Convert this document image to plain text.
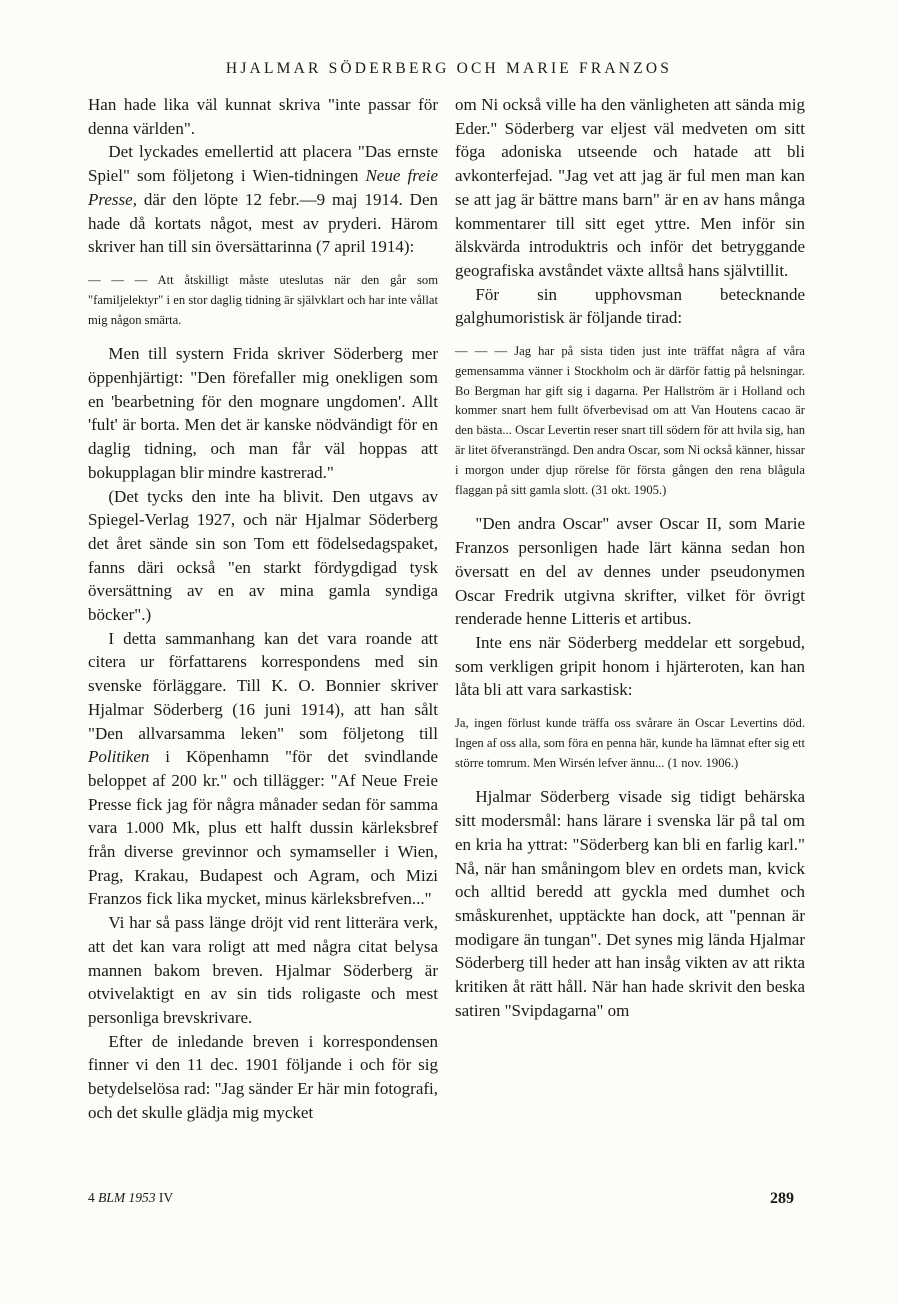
HJALMAR SÖDERBERG OCH MARIE FRANZOS

Han hade lika väl kunnat skriva "inte passar för denna världen".

Det lyckades emellertid att placera "Das ernste Spiel" som följetong i Wien-tidningen Neue freie Presse, där den löpte 12 febr.—9 maj 1914. Den hade då kortats något, mest av pryderi. Härom skriver han till sin översättarinna (7 april 1914):

— — — Att åtskilligt måste uteslutas när den går som "familjelektyr" i en stor daglig tidning är självklart och har inte vållat mig någon smärta.

Men till systern Frida skriver Söderberg mer öppenhjärtigt: "Den förefaller mig onekligen som en 'bearbetning för den mognare ungdomen'. Allt 'fult' är borta. Men det är kanske nödvändigt för en daglig tidning, och man får väl hoppas att bokupplagan blir mindre kastrerad."

(Det tycks den inte ha blivit. Den utgavs av Spiegel-Verlag 1927, och när Hjalmar Söderberg det året sände sin son Tom ett födelsedagspaket, fanns däri också "en starkt fördygdigad tysk översättning av en av mina gamla syndiga böcker".)

I detta sammanhang kan det vara roande att citera ur författarens korrespondens med sin svenske förläggare. Till K. O. Bonnier skriver Hjalmar Söderberg (16 juni 1914), att han sålt "Den allvarsamma leken" som följetong till Politiken i Köpenhamn "för det svindlande beloppet af 200 kr." och tillägger: "Af Neue Freie Presse fick jag för några månader sedan för samma vara 1.000 Mk, plus ett halft dussin kärleksbref från diverse grevinnor och symamseller i Wien, Prag, Krakau, Budapest och Agram, och Mizi Franzos fick lika mycket, minus kärleksbrefven..."

Vi har så pass länge dröjt vid rent litterära verk, att det kan vara roligt att med några citat belysa mannen bakom breven. Hjalmar Söderberg är otvivelaktigt en av sin tids roligaste och mest personliga brevskrivare.

Efter de inledande breven i korrespondensen finner vi den 11 dec. 1901 följande i och för sig betydelselösa rad: "Jag sänder Er här min fotografi, och det skulle glädja mig mycket

om Ni också ville ha den vänligheten att sända mig Eder." Söderberg var eljest väl medveten om sitt föga adoniska utseende och hatade att bli avkonterfejad. "Jag vet att jag är ful men man kan se att jag är bättre mans barn" är en av hans många kommentarer till sitt eget yttre. Men inför sin älskvärda introduktris och inför det betryggande geografiska avståndet växte alltså hans självtillit.

För sin upphovsman betecknande galghumoristisk är följande tirad:

— — — Jag har på sista tiden just inte träffat några af våra gemensamma vänner i Stockholm och är därför fattig på helsningar. Bo Bergman har gift sig i dagarna. Per Hallström är i Holland och kommer snart hem fullt öfverbevisad om att Van Houtens cacao är den bästa... Oscar Levertin reser snart till södern för att hvila sig, han är litet öfveransträngd. Den andra Oscar, som Ni också känner, hissar i morgon under djup rörelse för första gången den rena blågula flaggan på sitt gamla slott. (31 okt. 1905.)

"Den andra Oscar" avser Oscar II, som Marie Franzos personligen hade lärt känna sedan hon översatt en del av dennes under pseudonymen Oscar Fredrik utgivna skrifter, vilket för övrigt renderade henne Litteris et artibus.

Inte ens när Söderberg meddelar ett sorgebud, som verkligen gripit honom i hjärteroten, kan han låta bli att vara sarkastisk:

Ja, ingen förlust kunde träffa oss svårare än Oscar Levertins död. Ingen af oss alla, som föra en penna här, kunde ha lämnat efter sig ett större tomrum. Men Wirsén lefver ännu... (1 nov. 1906.)

Hjalmar Söderberg visade sig tidigt behärska sitt modersmål: hans lärare i svenska lär på tal om en kria ha yttrat: "Söderberg kan bli en farlig karl." Nå, när han småningom blev en ordets man, kvick och alltid beredd att gyckla med dumhet och småskurenhet, upptäckte han dock, att "pennan är modigare än tungan". Det synes mig lända Hjalmar Söderberg till heder att han insåg vikten av att rikta kritiken åt rätt håll. När han hade skrivit den beska satiren "Svipdagarna" om

4 BLM 1953 IV	289
